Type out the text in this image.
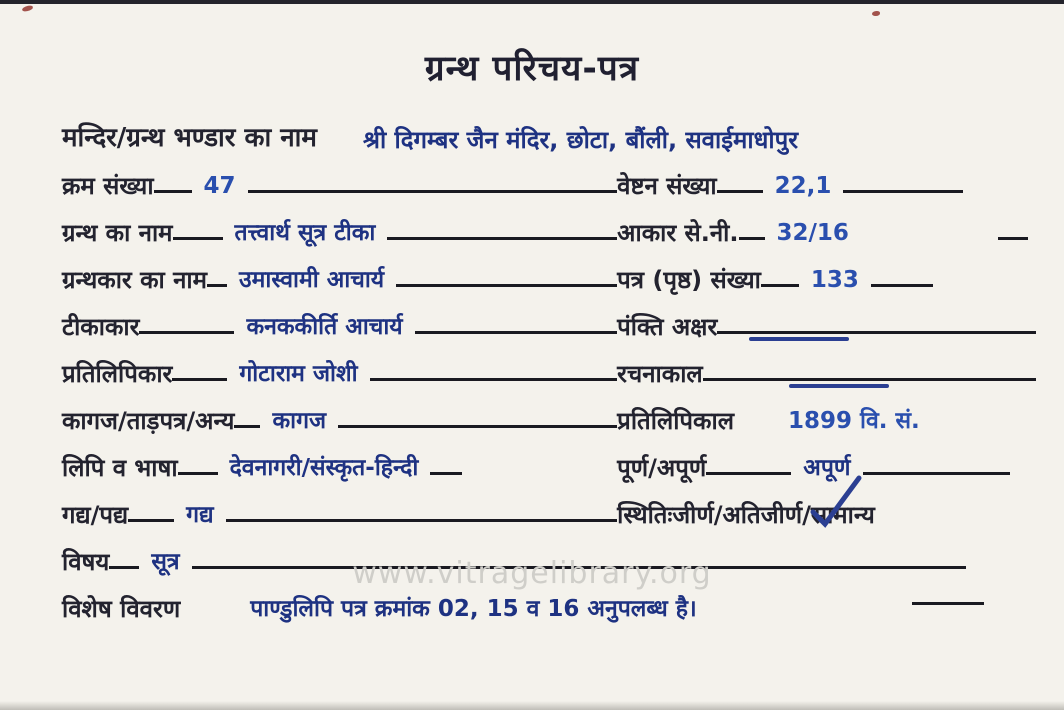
ग्रन्थ परिचय-पत्र
मन्दिर/ग्रन्थ भण्डार का नाम	श्री दिगम्बर जैन मंदिर, छोटा, बौंली, सवाईमाधोपुर
क्रम संख्या	47	वेष्टन संख्या	22,1
ग्रन्थ का नाम	तत्त्वार्थ सूत्र टीका	आकार से.नी.	32/16
ग्रन्थकार का नाम	उमास्वामी आचार्य	पत्र (पृष्ठ) संख्या	133
टीकाकार	कनककीर्ति आचार्य	पंक्ति अक्षर
प्रतिलिपिकार	गोटाराम जोशी	रचनाकाल
कागज/ताड़पत्र/अन्य	कागज	प्रतिलिपिकाल	1899 वि. सं.
लिपि व भाषा	देवनागरी/संस्कृत-हिन्दी	पूर्ण/अपूर्ण	अपूर्ण
गद्य/पद्य	गद्य	स्थितिःजीर्ण/अतिजीर्ण/सामान्य
विषय	सूत्र
विशेष विवरण	पाण्डुलिपि पत्र क्रमांक 02, 15 व 16 अनुपलब्ध है।
www.vitragelibrary.org
